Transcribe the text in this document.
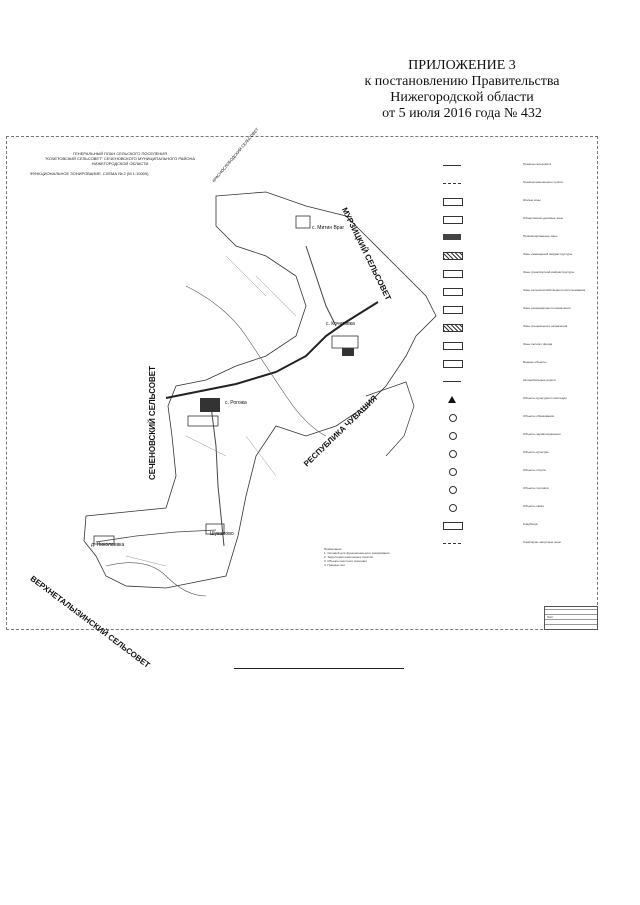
ПРИЛОЖЕНИЕ 3
к постановлению Правительства
Нижегородской области
от 5 июля 2016 года № 432
ГЕНЕРАЛЬНЫЙ ПЛАН СЕЛЬСКОГО ПОСЕЛЕНИЯ
"КОЧЕТОВСКИЙ СЕЛЬСОВЕТ" СЕЧЕНОВСКОГО МУНИЦИПАЛЬНОГО РАЙОНА
НИЖЕГОРОДСКОЙ ОБЛАСТИ
ФУНКЦИОНАЛЬНОЕ ЗОНИРОВАНИЕ. СХЕМА № 2 (М 1:10000)
МУРЗИЦКИЙ СЕЛЬСОВЕТ
СЕЧЕНОВСКИЙ СЕЛЬСОВЕТ	РЕСПУБЛИКА ЧУВАШИЯ
ВЕРХНЕТАЛЫЗИНСКИЙ СЕЛЬСОВЕТ
КРАСНОСЛОБОДСКИЙ СЕЛЬСОВЕТ
с. Митин Враг
с. Кочетовка
с. Рогожа
Шувалово
д. Николаевка
Граница сельсовета
Граница населенного пункта
Жилые зоны
Общественно-деловые зоны
Производственные зоны
Зоны инженерной инфраструктуры
Зоны транспортной инфраструктуры
Зоны сельскохозяйственного использования
Зоны рекреационного назначения
Зоны специального назначения
Зоны лесного фонда
Водные объекты
Автомобильные дороги
Объекты культурного наследия
Объекты образования
Объекты здравоохранения
Объекты культуры
Объекты спорта
Объекты торговли
Объекты связи
Кладбища
Санитарно-защитные зоны
Примечание:
1. Основой для функционального зонирования
2. Территории населенных пунктов
3. Объекты местного значения
4. Границы зон
Лист
